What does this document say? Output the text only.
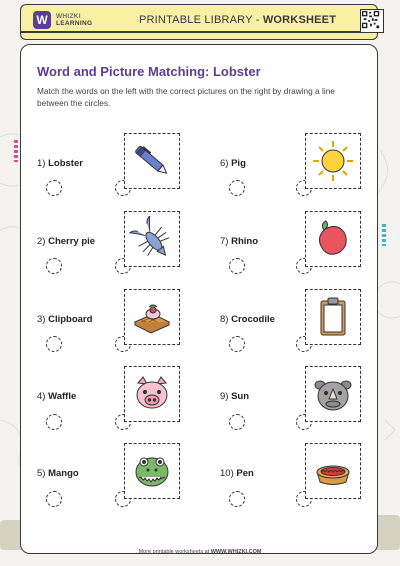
W	WHIZKI
LEARNING	PRINTABLE LIBRARY - WORKSHEET
Word and Picture Matching: Lobster
Match the words on the left with the correct pictures on the right by drawing a line between the circles.
1) Lobster
2) Cherry pie
3) Clipboard
4) Waffle
5) Mango
6) Pig
7) Rhino
8) Crocodile
9) Sun
10) Pen
More printable worksheets at WWW.WHIZKI.COM
